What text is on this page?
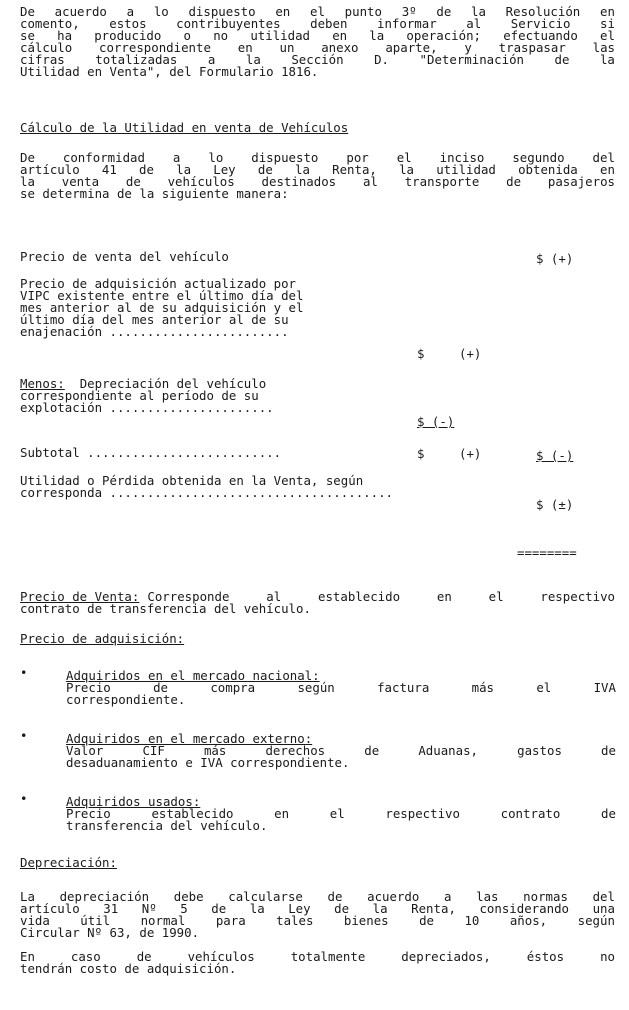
De acuerdo a lo dispuesto en el punto 3º de la Resolución en
comento, estos contribuyentes deben informar al Servicio si
se ha producido o no utilidad en la operación; efectuando el
cálculo correspondiente en un anexo aparte, y traspasar las
cifras totalizadas a la Sección D. "Determinación de la
Utilidad en Venta", del Formulario 1816.
Cálculo de la Utilidad en venta de Vehículos
De conformidad a lo dispuesto por el inciso segundo del
artículo 41 de la Ley de la Renta, la utilidad obtenida en
la venta de vehículos destinados al transporte de pasajeros
se determina de la siguiente manera:
Precio de venta del vehículo	$ (+)
Precio de adquisición actualizado por
VIPC existente entre el último día del
mes anterior al de su adquisición y el
último día del mes anterior al de su
enajenación ........................
$	(+)
Menos: Depreciación del vehículo
correspondiente al período de su
explotación ......................
$ (-)
Subtotal ..........................	$	(+)	$ (-)
Utilidad o Pérdida obtenida en la Venta, según
corresponda ......................................
$ (±)
========
Precio de Venta: Corresponde	al	establecido	en	el	respectivo
contrato de transferencia del vehículo.
Precio de adquisición:
•	Adquiridos en el mercado nacional:
Precio	de	compra	según	factura	más	el	IVA
correspondiente.
•	Adquiridos en el mercado externo:
Valor	CIF	más	derechos	de	Aduanas,	gastos	de
desaduanamiento e IVA correspondiente.
•	Adquiridos usados:
Precio	establecido	en	el	respectivo	contrato	de
transferencia del vehículo.
Depreciación:
La depreciación debe calcularse de acuerdo a las normas del
artículo 31 Nº 5 de la Ley de la Renta, considerando una
vida útil normal para tales bienes de 10 años, según
Circular Nº 63, de 1990.
En	caso	de	vehículos	totalmente	depreciados,	éstos	no
tendrán costo de adquisición.
